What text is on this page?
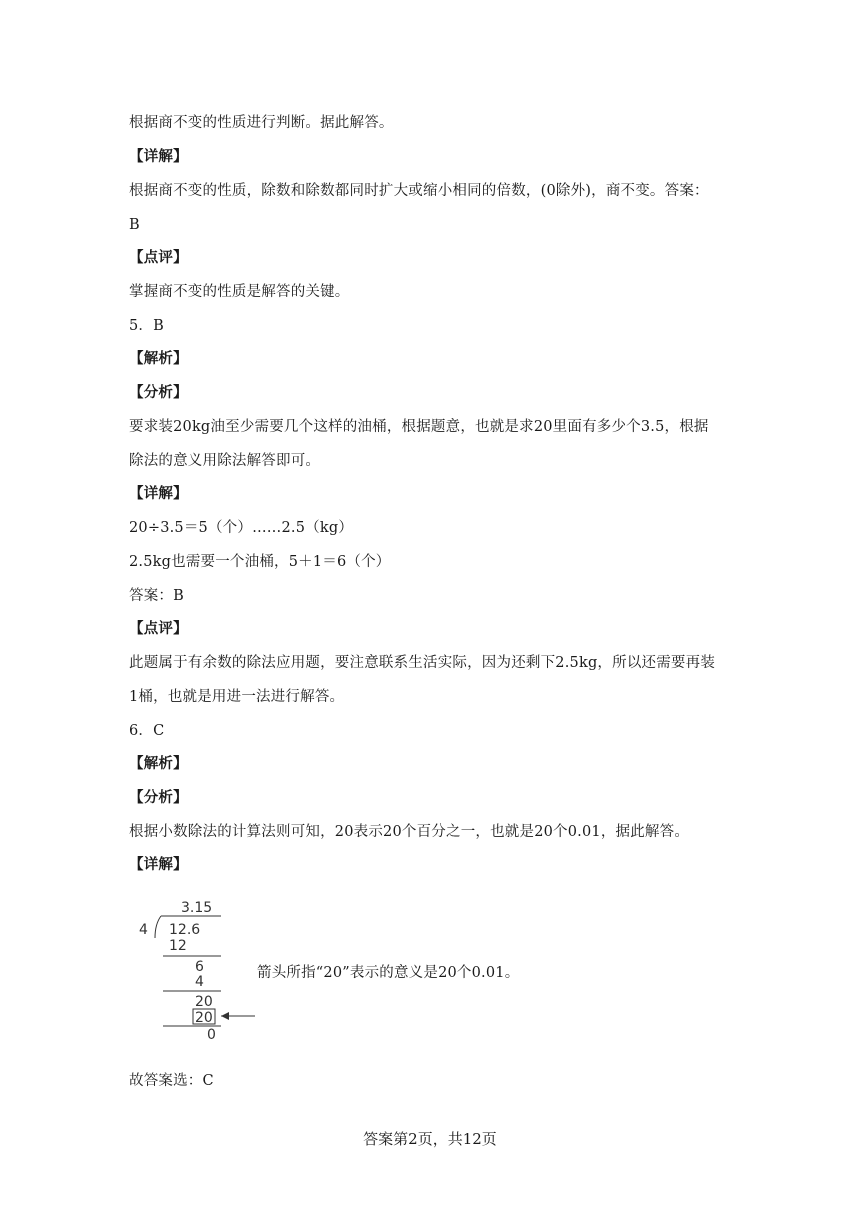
根据商不变的性质进行判断。据此解答。
【详解】
根据商不变的性质，除数和除数都同时扩大或缩小相同的倍数，(0除外)，商不变。答案：
B
【点评】
掌握商不变的性质是解答的关键。
5．B
【解析】
【分析】
要求装20kg油至少需要几个这样的油桶，根据题意，也就是求20里面有多少个3.5，根据
除法的意义用除法解答即可。
【详解】
20÷3.5＝5（个）……2.5（kg）
2.5kg也需要一个油桶，5＋1＝6（个）
答案：B
【点评】
此题属于有余数的除法应用题，要注意联系生活实际，因为还剩下2.5kg，所以还需要再装
1桶，也就是用进一法进行解答。
6．C
【解析】
【分析】
根据小数除法的计算法则可知，20表示20个百分之一，也就是20个0.01，据此解答。
【详解】
3.15
4 12.6
12
6
4
20
20
0
箭头所指“20”表示的意义是20个0.01。
故答案选：C
答案第2页，共12页
